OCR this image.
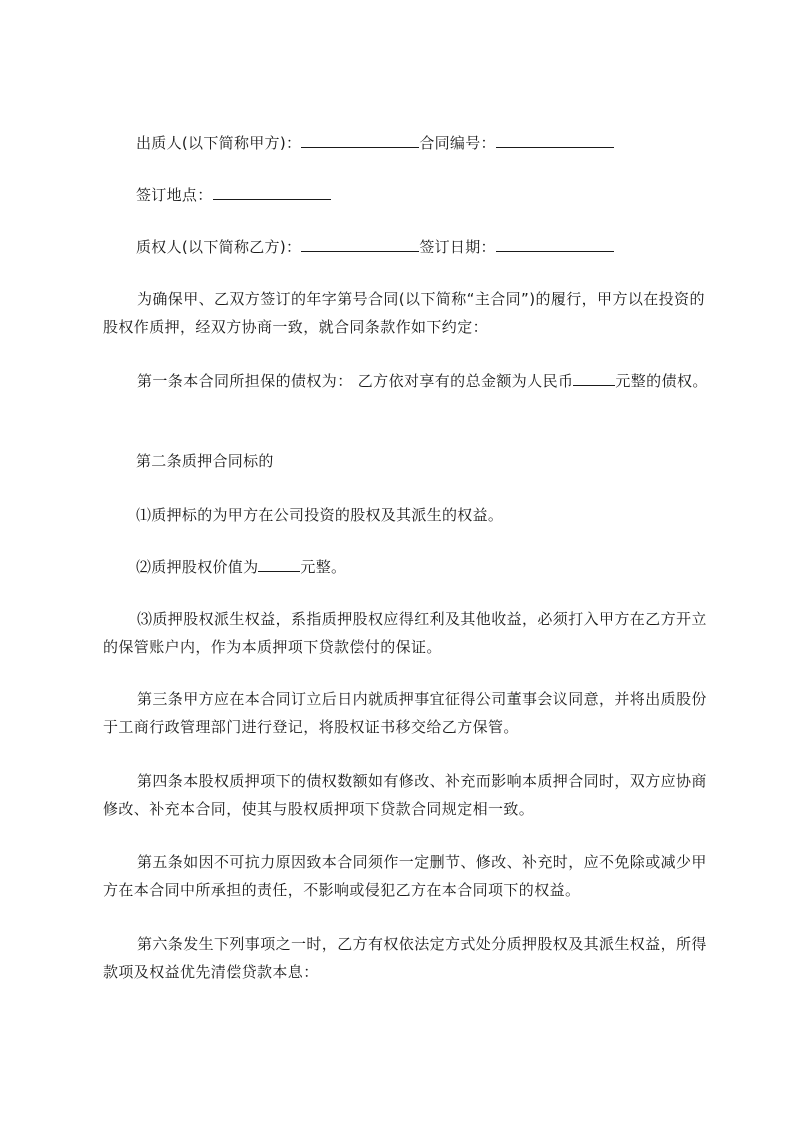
出质人(以下简称甲方)：	合同编号：
签订地点：
质权人(以下简称乙方)：	签订日期：
为确保甲、乙双方签订的年字第号合同(以下简称“主合同”)的履行，甲方以在投资的股权作质押，经双方协商一致，就合同条款作如下约定：
第一条本合同所担保的债权为： 乙方依对享有的总金额为人民币	元整的债权。
第二条质押合同标的
⑴质押标的为甲方在公司投资的股权及其派生的权益。
⑵质押股权价值为	元整。
⑶质押股权派生权益，系指质押股权应得红利及其他收益，必须打入甲方在乙方开立的保管账户内，作为本质押项下贷款偿付的保证。
第三条甲方应在本合同订立后日内就质押事宜征得公司董事会议同意，并将出质股份于工商行政管理部门进行登记，将股权证书移交给乙方保管。
第四条本股权质押项下的债权数额如有修改、补充而影响本质押合同时，双方应协商修改、补充本合同，使其与股权质押项下贷款合同规定相一致。
第五条如因不可抗力原因致本合同须作一定删节、修改、补充时，应不免除或减少甲方在本合同中所承担的责任，不影响或侵犯乙方在本合同项下的权益。
第六条发生下列事项之一时，乙方有权依法定方式处分质押股权及其派生权益，所得款项及权益优先清偿贷款本息：
